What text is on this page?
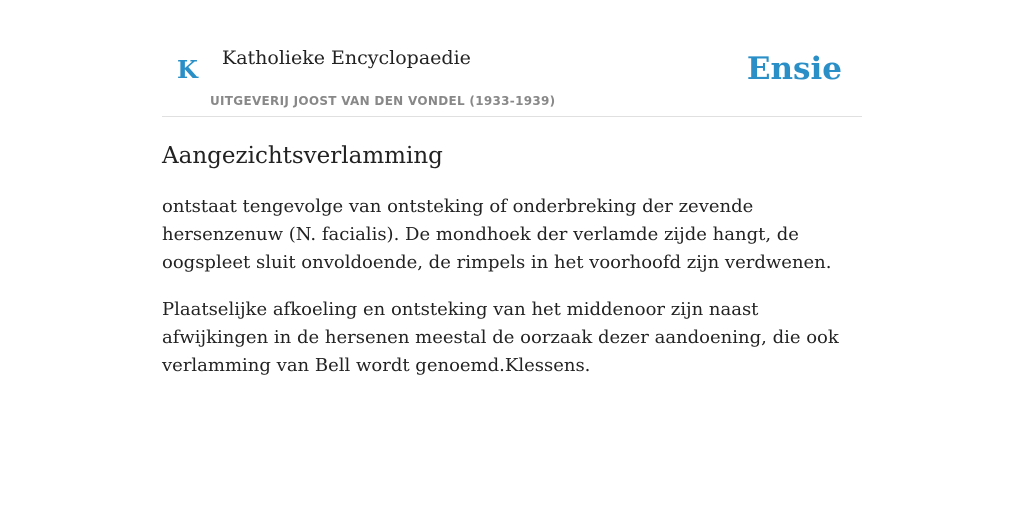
K Katholieke Encyclopaedie
UITGEVERIJ JOOST VAN DEN VONDEL (1933-1939)
Ensie
Aangezichtsverlamming

ontstaat tengevolge van ontsteking of onderbreking der zevende hersenzenuw (N. facialis). De mondhoek der verlamde zijde hangt, de oogspleet sluit onvoldoende, de rimpels in het voorhoofd zijn verdwenen.

Plaatselijke afkoeling en ontsteking van het middenoor zijn naast afwijkingen in de hersenen meestal de oorzaak dezer aandoening, die ook verlamming van Bell wordt genoemd.Klessens.
